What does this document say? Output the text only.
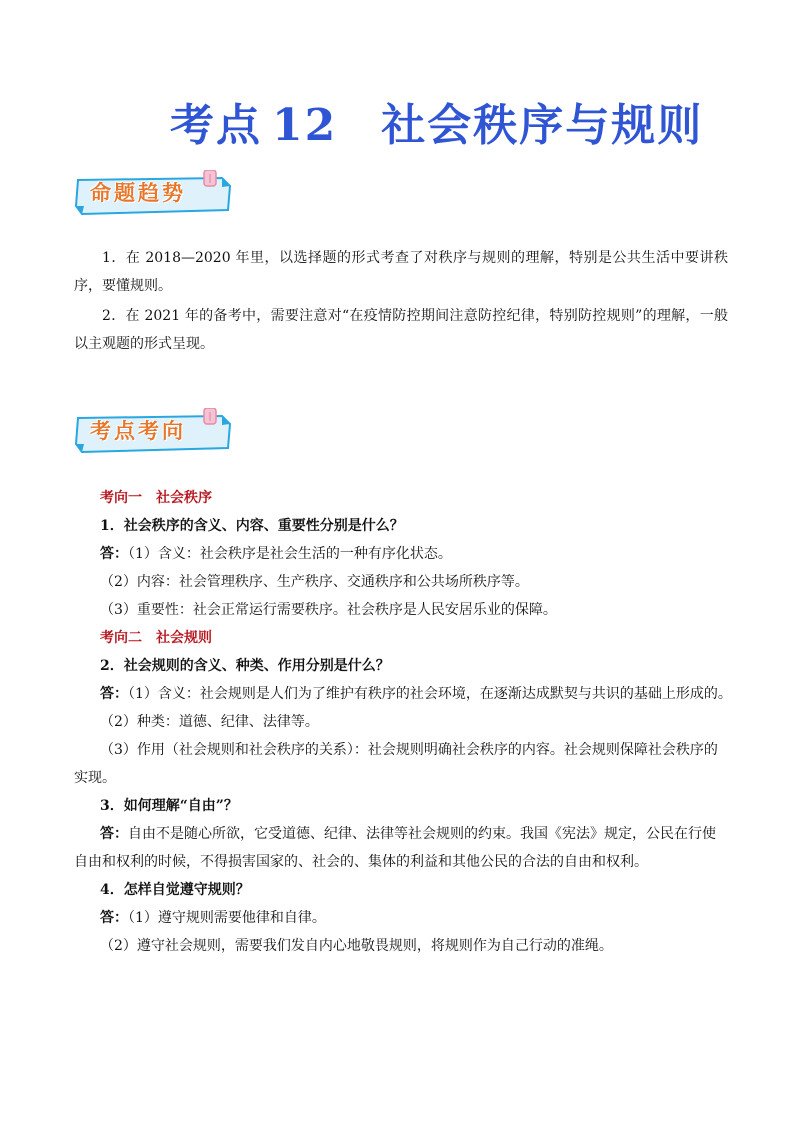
考点 12 社会秩序与规则
命题趋势

1．在 2018—2020 年里，以选择题的形式考查了对秩序与规则的理解，特别是公共生活中要讲秩序，要懂规则。

2．在 2021 年的备考中，需要注意对“在疫情防控期间注意防控纪律，特别防控规则”的理解，一般以主观题的形式呈现。

考点考向

考向一　社会秩序

1．社会秩序的含义、内容、重要性分别是什么？

答：（1）含义：社会秩序是社会生活的一种有序化状态。

（2）内容：社会管理秩序、生产秩序、交通秩序和公共场所秩序等。

（3）重要性：社会正常运行需要秩序。社会秩序是人民安居乐业的保障。

考向二　社会规则

2．社会规则的含义、种类、作用分别是什么？

答：（1）含义：社会规则是人们为了维护有秩序的社会环境，在逐渐达成默契与共识的基础上形成的。

（2）种类：道德、纪律、法律等。

（3）作用（社会规则和社会秩序的关系）：社会规则明确社会秩序的内容。社会规则保障社会秩序的

实现。

3．如何理解“自由”？

答：自由不是随心所欲，它受道德、纪律、法律等社会规则的约束。我国《宪法》规定，公民在行使

自由和权利的时候，不得损害国家的、社会的、集体的利益和其他公民的合法的自由和权利。

4．怎样自觉遵守规则？

答：（1）遵守规则需要他律和自律。

（2）遵守社会规则，需要我们发自内心地敬畏规则，将规则作为自己行动的准绳。
